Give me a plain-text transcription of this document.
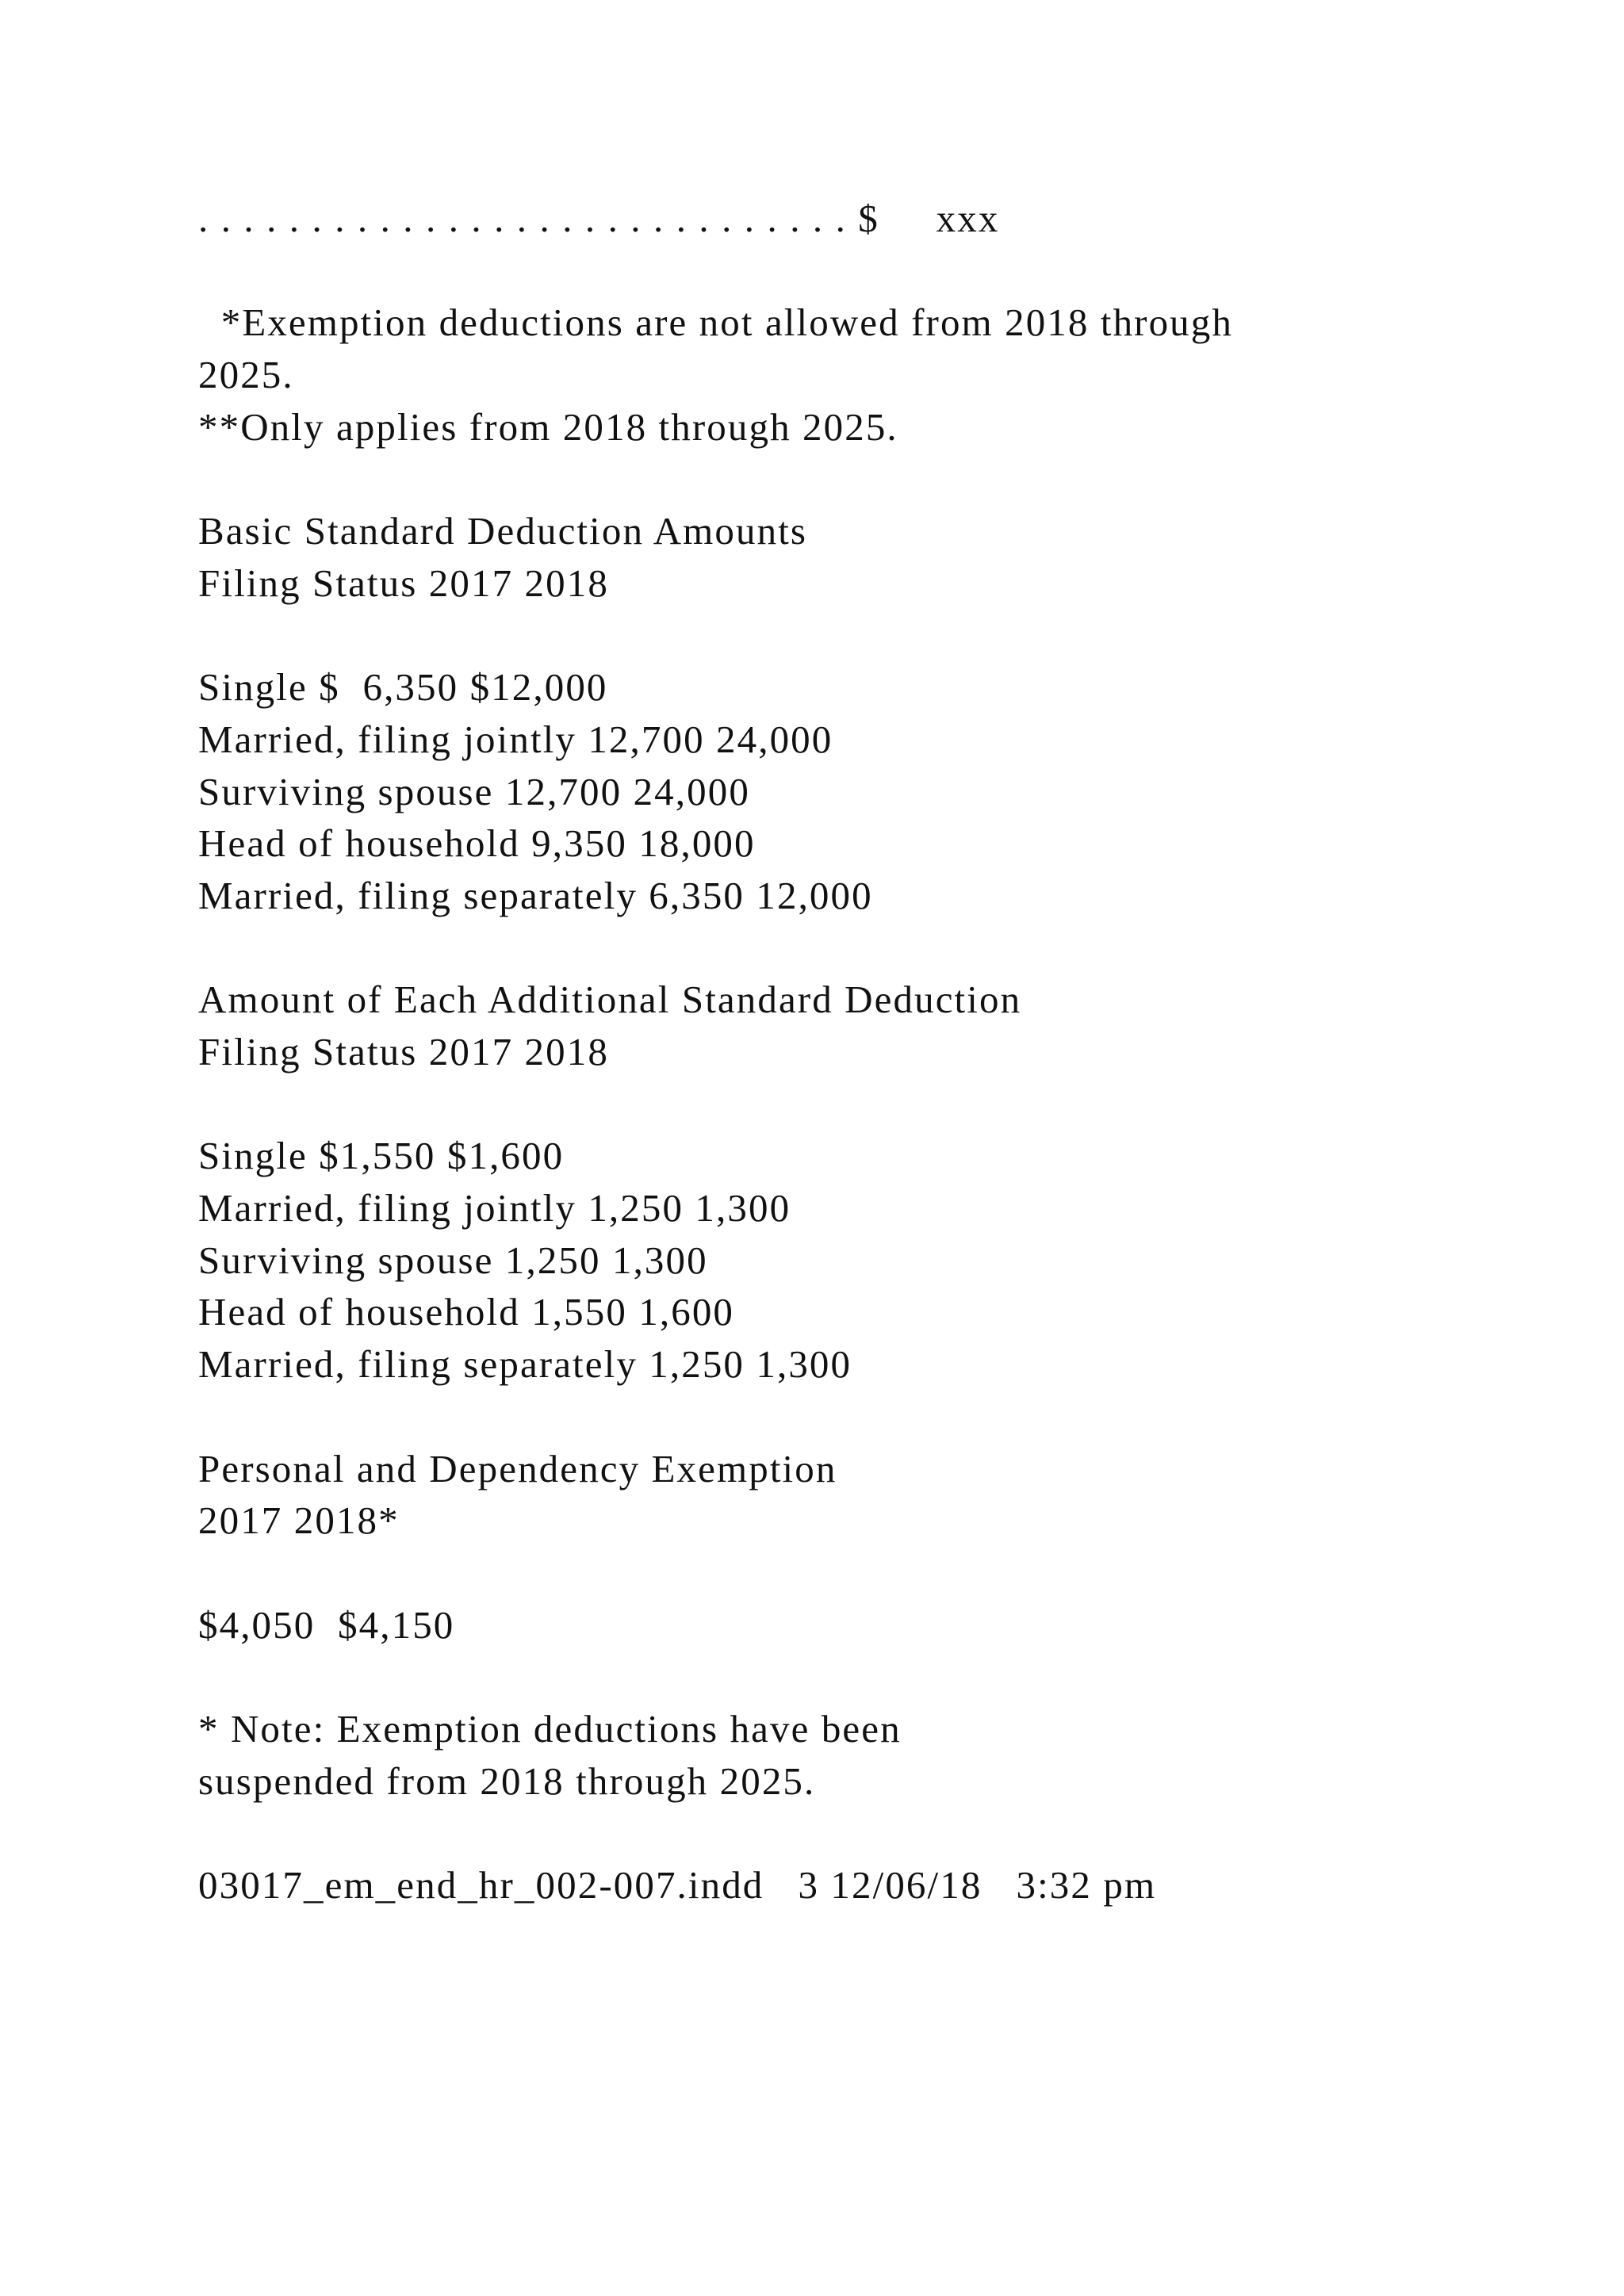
. . . . . . . . . . . . . . . . . . . . . . . . . . . . . $     xxx
*Exemption deductions are not allowed from 2018 through
2025.
**Only applies from 2018 through 2025.
Basic Standard Deduction Amounts
Filing Status 2017 2018
Single $  6,350 $12,000
Married, filing jointly 12,700 24,000
Surviving spouse 12,700 24,000
Head of household 9,350 18,000
Married, filing separately 6,350 12,000
Amount of Each Additional Standard Deduction
Filing Status 2017 2018
Single $1,550 $1,600
Married, filing jointly 1,250 1,300
Surviving spouse 1,250 1,300
Head of household 1,550 1,600
Married, filing separately 1,250 1,300
Personal and Dependency Exemption
2017 2018*
$4,050  $4,150
* Note: Exemption deductions have been
suspended from 2018 through 2025.
03017_em_end_hr_002-007.indd   3 12/06/18   3:32 pm
